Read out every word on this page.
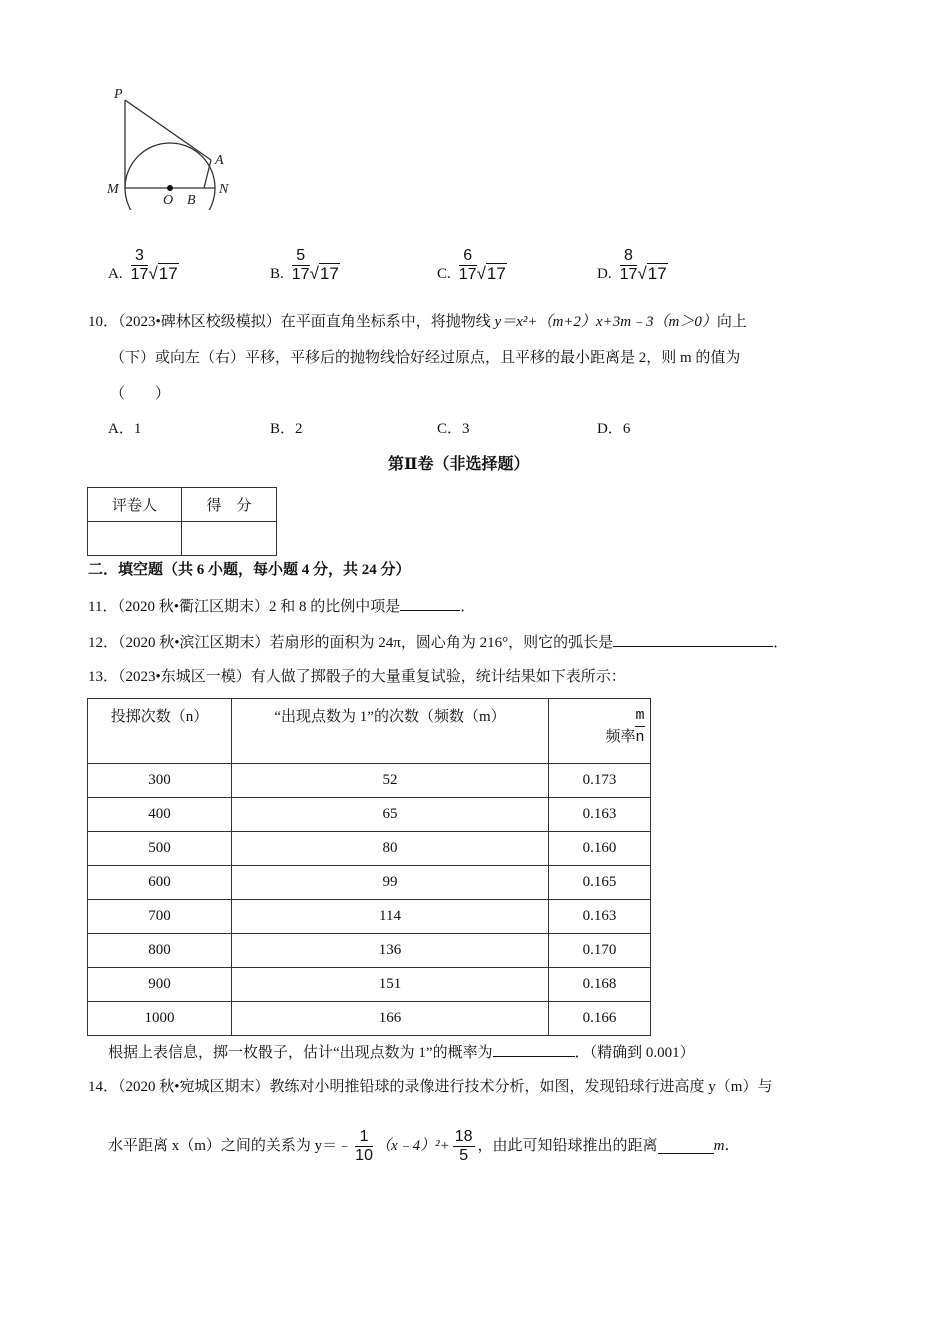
P
A
M
O B
N
A. $\frac{3}{17} √17$	B. $\frac{5}{17} √17$	C. $\frac{6}{17} √17$	D. $\frac{8}{17} √17$
10．（2023•碑林区校级模拟）在平面直角坐标系中，将抛物线 y＝x²+（m+2）x+3m﹣3（m＞0）向上
（下）或向左（右）平移，平移后的抛物线恰好经过原点，且平移的最小距离是 2，则 m 的值为
（　　）
A．1	B．2	C．3	D．6
第Ⅱ卷（非选择题）
评卷人	得　分

二．填空题（共 6 小题，每小题 4 分，共 24 分）
11．（2020 秋•衢江区期末）2 和 8 的比例中项是	．
12．（2020 秋•滨江区期末）若扇形的面积为 24π，圆心角为 216°，则它的弧长是	．
13．（2023•东城区一模）有人做了掷骰子的大量重复试验，统计结果如下表所示：
投掷次数（n）	“出现点数为 1”的次数（频数（m）	m
频率n
300	52	0.173
400	65	0.163
500	80	0.160
600	99	0.165
700	114	0.163
800	136	0.170
900	151	0.168
1000	166	0.166
根据上表信息，掷一枚骰子，估计“出现点数为 1”的概率为	．（精确到 0.001）
14．（2020 秋•宛城区期末）教练对小明推铅球的录像进行技术分析，如图，发现铅球行进高度 y（m）与
水平距离 x（m）之间的关系为 y＝﹣ $\frac{1}{10}$ （x﹣4）²+ $\frac{18}{5}$ ，由此可知铅球推出的距离	m．
